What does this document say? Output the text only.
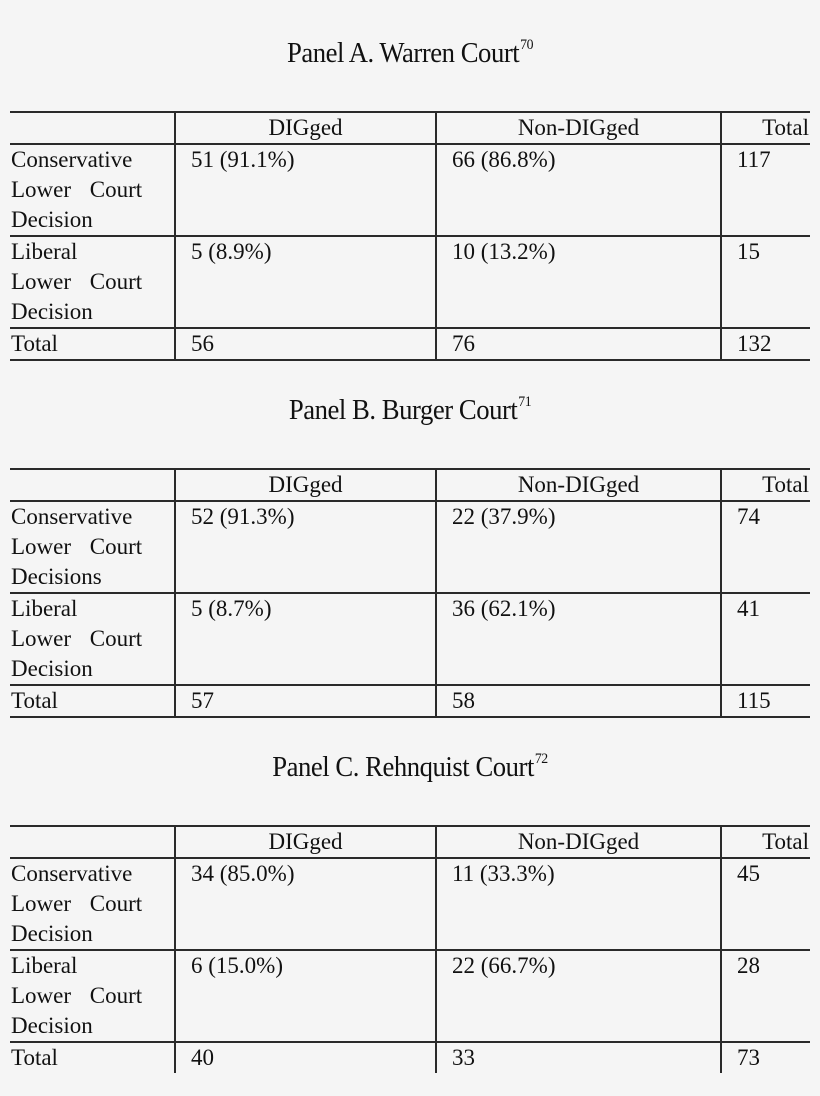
Panel A. Warren Court$^{70}$
	DIGged	Non-DIGged	Total

Conservative
Lower Court
Decision	51 (91.1%)	66 (86.8%)	117

Liberal
Lower Court
Decision	5 (8.9%)	10 (13.2%)	15
Total	56	76	132
Panel B. Burger Court$^{71}$
	DIGged	Non-DIGged	Total

Conservative
Lower Court
Decisions	52 (91.3%)	22 (37.9%)	74

Liberal
Lower Court
Decision	5 (8.7%)	36 (62.1%)	41
Total	57	58	115
Panel C. Rehnquist Court$^{72}$
	DIGged	Non-DIGged	Total

Conservative
Lower Court
Decision	34 (85.0%)	11 (33.3%)	45

Liberal
Lower Court
Decision	6 (15.0%)	22 (66.7%)	28
Total	40	33	73
